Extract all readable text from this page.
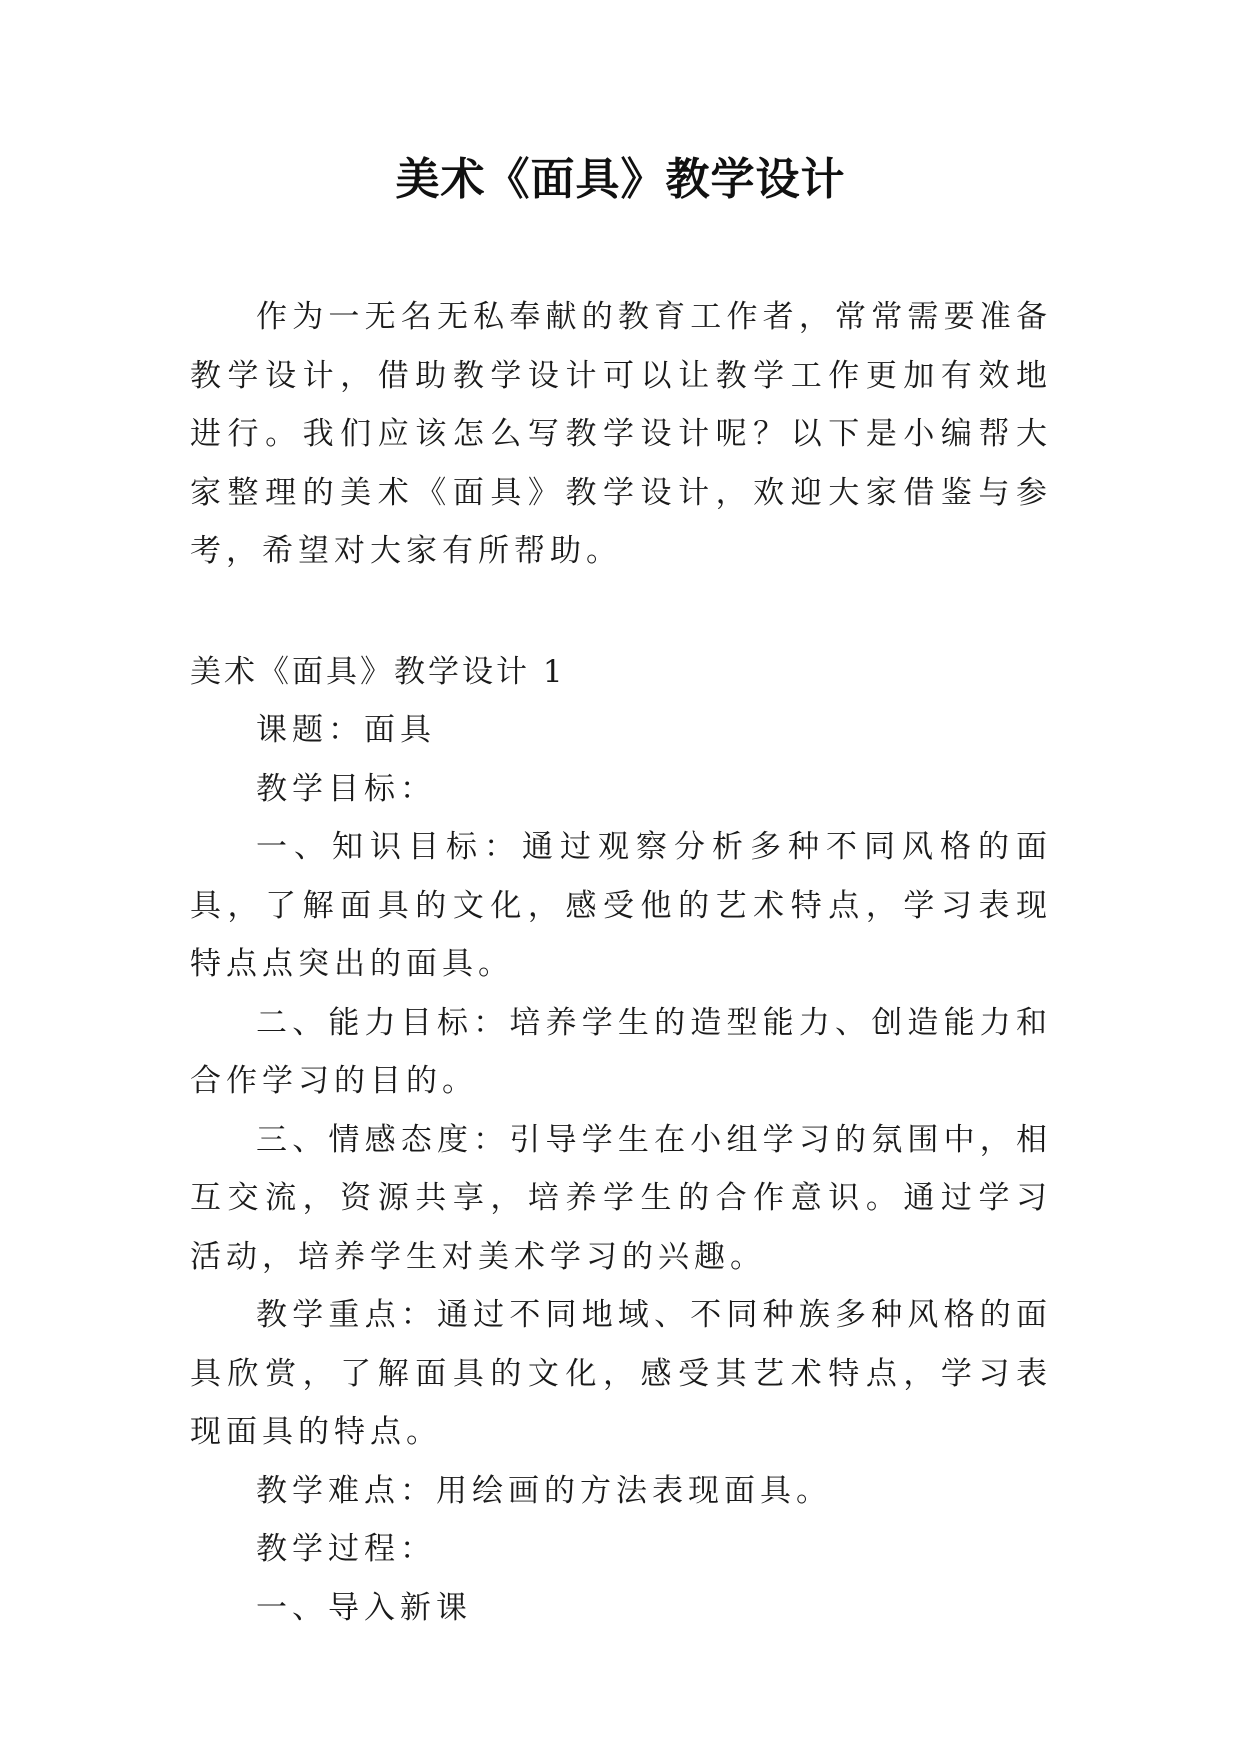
美术《面具》教学设计

作为一无名无私奉献的教育工作者，常常需要准备教学设计，借助教学设计可以让教学工作更加有效地进行。我们应该怎么写教学设计呢？以下是小编帮大家整理的美术《面具》教学设计，欢迎大家借鉴与参考，希望对大家有所帮助。

美术《面具》教学设计 1

课题：面具

教学目标：

一、知识目标：通过观察分析多种不同风格的面具，了解面具的文化，感受他的艺术特点，学习表现特点点突出的面具。

二、能力目标：培养学生的造型能力、创造能力和合作学习的目的。

三、情感态度：引导学生在小组学习的氛围中，相互交流，资源共享，培养学生的合作意识。通过学习活动，培养学生对美术学习的兴趣。

教学重点：通过不同地域、不同种族多种风格的面具欣赏，了解面具的文化，感受其艺术特点，学习表现面具的特点。

教学难点：用绘画的方法表现面具。

教学过程：

一、导入新课
